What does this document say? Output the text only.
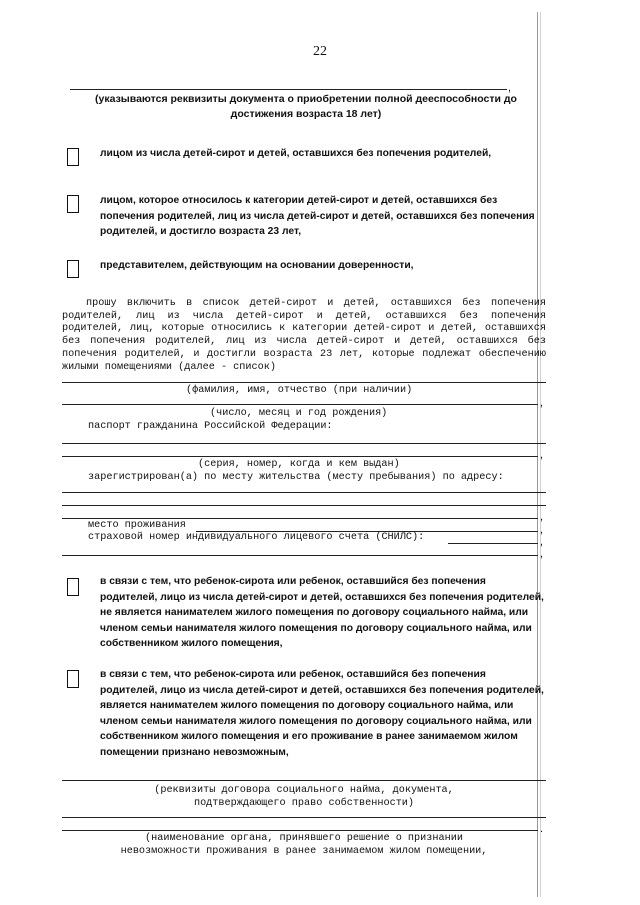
22
,
(указываются реквизиты документа о приобретении полной дееспособности до достижения возраста 18 лет)
лицом из числа детей-сирот и детей, оставшихся без попечения родителей,
лицом, которое относилось к категории детей-сирот и детей, оставшихся без попечения родителей, лиц из числа детей-сирот и детей, оставшихся без попечения родителей, и достигло возраста 23 лет,
представителем, действующим на основании доверенности,
прошу включить в список детей-сирот и детей, оставшихся без попечения родителей, лиц из числа детей-сирот и детей, оставшихся без попечения родителей, лиц, которые относились к категории детей-сирот и детей, оставшихся без попечения родителей, лиц из числа детей-сирот и детей, оставшихся без попечения родителей, и достигли возраста 23 лет, которые подлежат обеспечению жилыми помещениями (далее - список)
(фамилия, имя, отчество (при наличии)
,
(число, месяц и год рождения)
паспорт гражданина Российской Федерации:
,
(серия, номер, когда и кем выдан)
зарегистрирован(а) по месту жительства (месту пребывания) по адресу:
,
место проживания	,
страховой номер индивидуального лицевого счета (СНИЛС):	,
,
в связи с тем, что ребенок-сирота или ребенок, оставшийся без попечения родителей, лицо из числа детей-сирот и детей, оставшихся без попечения родителей, не является нанимателем жилого помещения по договору социального найма, или членом семьи нанимателя жилого помещения по договору социального найма, или собственником жилого помещения,
в связи с тем, что ребенок-сирота или ребенок, оставшийся без попечения родителей, лицо из числа детей-сирот и детей, оставшихся без попечения родителей, является нанимателем жилого помещения по договору социального найма, или членом семьи нанимателя жилого помещения по договору социального найма, или собственником жилого помещения и его проживание в ранее занимаемом жилом помещении признано невозможным,
(реквизиты договора социального найма, документа,
подтверждающего право собственности)
.
(наименование органа, принявшего решение о признании
невозможности проживания в ранее занимаемом жилом помещении,
